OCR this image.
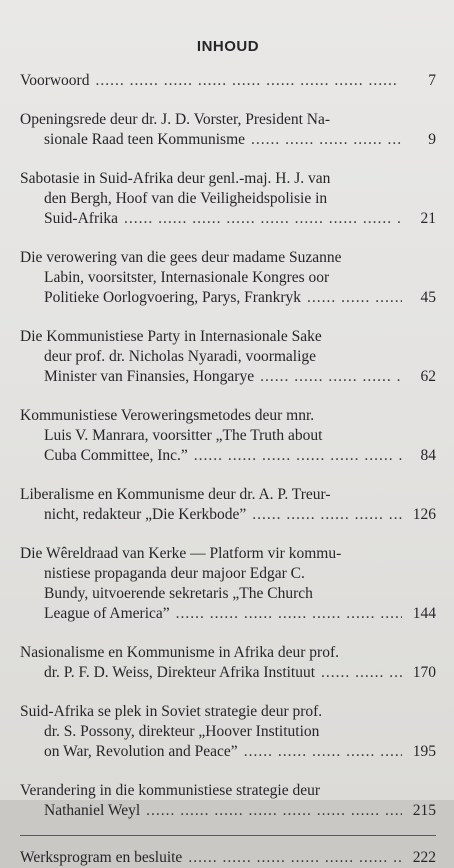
INHOUD
Voorwoord .....	7
Openingsrede deur dr. J. D. Vorster, President Na-
sionale Raad teen Kommunisme .....	9
Sabotasie in Suid-Afrika deur genl.-maj. H. J. van
den Bergh, Hoof van die Veiligheidspolisie in
Suid-Afrika .....	21
Die verowering van die gees deur madame Suzanne
Labin, voorsitster, Internasionale Kongres oor
Politieke Oorlogvoering, Parys, Frankryk .....	45
Die Kommunistiese Party in Internasionale Sake
deur prof. dr. Nicholas Nyaradi, voormalige
Minister van Finansies, Hongarye .....	62
Kommunistiese Veroweringsmetodes deur mnr.
Luis V. Manrara, voorsitter „The Truth about
Cuba Committee, Inc.” .....	84
Liberalisme en Kommunisme deur dr. A. P. Treur-
nicht, redakteur „Die Kerkbode” .....	126
Die Wêreldraad van Kerke — Platform vir kommu-
nistiese propaganda deur majoor Edgar C.
Bundy, uitvoerende sekretaris „The Church
League of America” .....	144
Nasionalisme en Kommunisme in Afrika deur prof.
dr. P. F. D. Weiss, Direkteur Afrika Instituut .....	170
Suid-Afrika se plek in Soviet strategie deur prof.
dr. S. Possony, direkteur „Hoover Institution
on War, Revolution and Peace” .....	195
Verandering in die kommunistiese strategie deur
Nathaniel Weyl .....	215
Werksprogram en besluite .....	222
